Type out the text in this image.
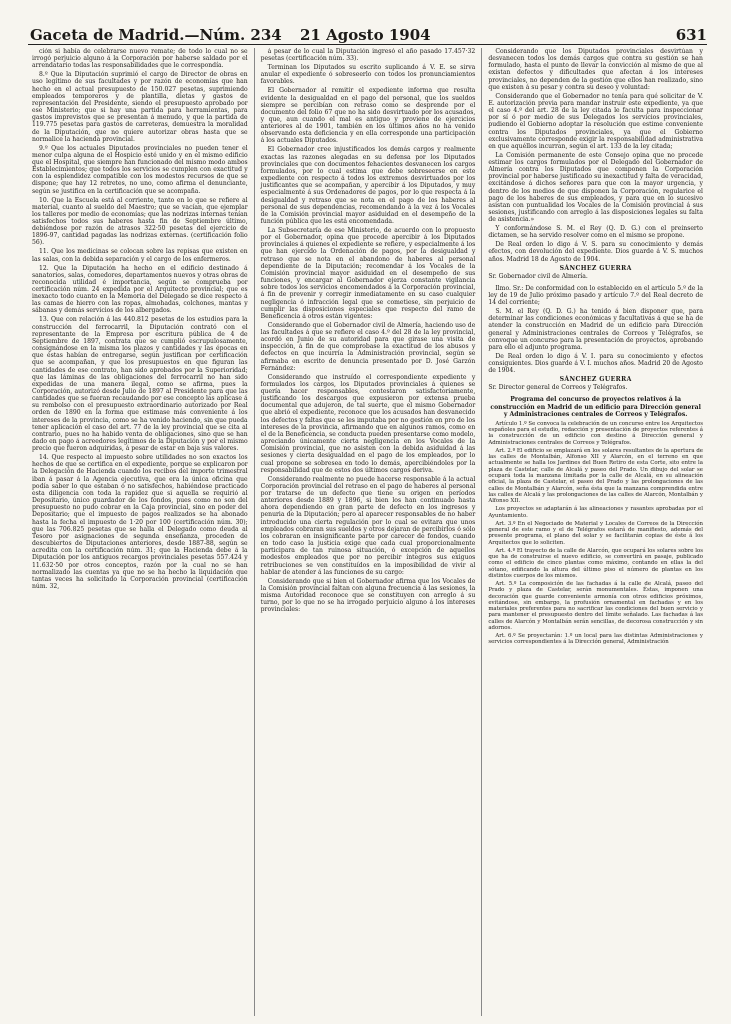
Gaceta de Madrid.—Núm. 234 21 Agosto 1904	631

ción si había de celebrarse nuevo remate; de todo lo cual no se irrogó perjuicio alguno á la Corporación por haberse saldado por el arrendatario todas las responsabilidades que le correspondía.

8.º Que la Diputación suprimió el cargo de Director de obras en uso legítimo de sus facultades y por razón de economías que han hecho en el actual presupuesto de 150.027 pesetas, suprimiendo empleados temporeros y de plantilla, dietas y gastos de representación del Presidente, siendo el presupuesto aprobado por ese Ministerio; que si hay una partida para herramientas, para gastos imprevistos que se presentan á menudo, y que la partida de 119.775 pesetas para gastos de carreteras, demuestra la moralidad de la Diputación, que no quiere autorizar obras hasta que se normalice la hacienda provincial.

9.º Que los actuales Diputados provinciales no pueden tener el menor culpa alguna de el Hospicio esté unido y en el mismo edificio que el Hospital, que siempre han funcionado del mismo modo ambos Establecimientos; que todos los servicios se cumplen con exactitud y con la esplendidez compatible con los modestos recursos de que se dispone; que hay 12 retretes, no uno, como afirma el denunciante, según se justifica en la certificación que se acompaña.

10. Que la Escuela está al corriente, tanto en lo que se refiere al material, cuanto al sueldo del Maestro; que se vacían, que ejemplar los talleres por medio de economías; que las nodrizas internas tenían satisfechos todos sus haberes hasta fin de Septiembre último, debiéndose por razón de atrasos 322·50 pesetas del ejercicio de 1896-97, cantidad pagadas las nodrizas externas. (certificación folio 56).

11. Que los medicinas se colocan sobre las repisas que existen en las salas, con la debida separación y el cargo de los enfermeros.

12. Que la Diputación ha hecho en el edificio destinado á sanatorios, salas, comedores, departamentos nuevos y otras obras de reconocida utilidad é importancia, según se comprueba por certificación núm. 24 expedida por el Arquitecto provincial; que es inexacto todo cuanto en la Memoria del Delegado se dice respecto á las camas de hierro con las ropas, almohadas, colchones, mantas y sábanas y demás servicios de los albergados.

13. Que con relación á las 440.812 pesetas de los estudios para la construcción del ferrocarril, la Diputación contrató con el representante de la Empresa por escritura pública de 4 de Septiembre de 1897, contrata que se cumplió escrupulosamente, consignándose en la misma los plazos y cantidades y las épocas en que éstas habían de entregarse, según justifican por certificación que se acompañan, y que los presupuestos en que figuran las cantidades de ese contrato, han sido aprobados por la Superioridad; que las láminas de las obligaciones del ferrocarril no han sido expedidas de una manera ilegal, como se afirma, pues la Corporación, autorizó desde Julio de 1897 al Presidente para que las cantidades que se fueran recaudando por ese concepto las aplicase á su rembolso con el presupuesto extraordinario autorizado por Real orden de 1890 en la forma que estimase más conveniente á los intereses de la provincia, como se ha venido haciendo, sin que pueda tener aplicación el caso del art. 77 de la ley provincial que se cita al contrario, pues no ha habido venta de obligaciones, sino que se han dado en pago á acreedores legítimos de la Diputación y por el mismo precio que fueron adquiridas, á pesar de estar en baja sus valores.

14. Que respecto al impuesto sobre utilidades no son exactos los hechos de que se certifica en el expediente, porque se explicaron por la Delegación de Hacienda cuando los recibos del importe trimestral iban á pasar á la Agencia ejecutiva, que era la única oficina que podía saber lo que estaban ó no satisfechos, habiéndose practicado esta diligencia con toda la rapidez que si aquella se requirió al Depositario, único guardador de los fondos, pues como no son del presupuesto no pudo cobrar en la Caja provincial, sino en poder del Depositario; que el impuesto de pagos realizados se ha abonado hasta la fecha el impuesto de 1·20 por 100 (certificación núm. 30); que las 706.825 pesetas que se halla el Delegado como deuda al Tesoro por asignaciones de segunda enseñanza, proceden de descubiertos de Diputaciones anteriores, desde 1887-88, según se acredita con la certificación núm. 31; que la Hacienda debe á la Diputación por los antiguos recargos provinciales pesetas 557.424 y 11.632·50 por otros conceptos, razón por la cual no se han normalizado las cuentas ya que no se ha hecho la liquidación que tantas veces ha solicitado la Corporación provincial (certificación núm. 32,

á pesar de lo cual la Diputación ingresó el año pasado 17.457·32 pesetas (certificación núm. 33).

Terminan los Diputados su escrito suplicando á V. E. se sirva anular el expediente ó sobreseerlo con todos los pronunciamientos favorables.

El Gobernador al remitir el expediente informa que resulta evidente la desigualdad en el pago del personal, que los sueldos siempre se percibían con retraso como se desprende por el documento del folio 67 que no ha sido desvirtuado por los acusados, y que, aun cuando el mal es antiguo y proviene de ejercicios anteriores al de 1901, también en los últimos años no ha venido observando esta deficiencia y en ella corresponde una participación á los actuales Diputados.

El Gobernador cree injustificados los demás cargos y realmente exactas las razones alegadas en su defensa por los Diputados provinciales que con documentos fehacientes desvanecen los cargos formulados, por lo cual estima que debe sobreseerse en este expediente con respecto á todos los extremos desvirtuados por los justificantes que se acompañan, y apercibir á los Diputados, y muy especialmente á sus Ordenadores de pagos, por lo que respecta á la desigualdad y retraso que se nota en el pago de los haberes al personal de sus dependencias, recomendando á la vez á los Vocales de la Comisión provincial mayor asiduidad en el desempeño de la función pública que les está encomendada.

La Subsecretaría de ese Ministerio, de acuerdo con lo propuesto por el Gobernador, opina que procede apercibir á los Diputados provinciales á quienes el expediente se refiere, y especialmente á los que han ejercido la Ordenación de pagos, por la desigualdad y retraso que se nota en el abandono de haberes al personal dependiente de la Diputación; recomendar á los Vocales de la Comisión provincial mayor asiduidad en el desempeño de sus funciones, y encargar al Gobernador ejerza constante vigilancia sobre todos los servicios encomendados á la Corporación provincial, á fin de prevenir y corregir inmediatamente en su caso cualquier negligencia ó infracción legal que se cometiese, sin perjuicio de cumplir las disposiciones especiales que respecto del ramo de Beneficencia á otros están vigentes:

Considerando que el Gobernador civil de Almería, haciendo uso de las facultades á que se refiere el caso 4.º del 28 de la ley provincial, acordó en Junio de su autoridad para que girase una visita de inspección, á fin de que comprobase la exactitud de los abusos y defectos en que incurría la Administración provincial, según se afirmaba en escrito de denuncia presentado por D. José Garzón Fernández:

Considerando que instruído el correspondiente expediente y formulados los cargos, los Diputados provinciales á quienes se quería hacer responsables, contestaron satisfactoriamente, justificando los descargos que expusieron por extensa prueba documental que adujeron, de tal suerte, que el mismo Gobernador que abrió el expediente, reconoce que los acusados han desvanecido los defectos y faltas que se les imputaba por no gestión en pro de los intereses de la provincia, afirmando que en algunos ramos, como en el de la Beneficencia, se conducta pueden presentarse como modelo, apreciando únicamente cierta negligencia en los Vocales de la Comisión provincial, que no asisten con la debida asiduidad á las sesiones y cierta desigualdad en el pago de los empleados, por lo cual propone se sobresea en todo lo demás, apercibiéndoles por la responsabilidad que de estos dos últimos cargos deriva.

Considerando realmente no puede hacerse responsable á la actual Corporación provincial del retraso en el pago de haberes al personal por tratarse de un defecto que tiene su origen en períodos anteriores desde 1889 y 1896, si bien los han continuado hasta ahora dependiendo en gran parte de defecto en los ingresos y penuria de la Diputación; pero al aparecer responsables de no haber introducido una cierta regulación por lo cual se evitara que unos empleados cobraran sus sueldos y otros dejaran de percibirlos ó sólo los cobraran en insignificante parte por carecer de fondos, cuando en todo caso la justicia exige que cada cual proporcionalmente participara de tan ruinosa situación, ó excepción de aquellos modestos empleados que por no percibir íntegros sus exiguos retribuciones se ven constituídos en la imposibilidad de vivir al hablar de atender á las funciones de su cargo:

Considerando que si bien el Gobernador afirma que los Vocales de la Comisión provincial faltan con alguna frecuencia á las sesiones, la misma Autoridad reconoce que se constituyen con arreglo á su turno, por lo que no se ha irrogado perjuicio alguno á los intereses provinciales:

Considerando que los Diputados provinciales desvirtúan y desvanecen todos los demás cargos que contra su gestión se han formulado, hasta el punto de llevar la convicción al mismo de que al existan defectos y dificultades que afectan á los intereses provinciales, no dependen de la gestión que ellos han realizado, sino que existen á su pesar y contra su deseo y voluntad:

Considerando que el Gobernador no tenía para qué solicitar de V. E. autorización previa para mandar instruir este expediente, ya que el caso 4.º del art. 28 de la ley citada le faculta para inspeccionar por sí ó por medio de sus Delegados los servicios provinciales, pudiendo el Gobierno adoptar la resolución que estime conveniente contra los Diputados provinciales, ya que el Gobierno exclusivamente corresponde exigir la responsabilidad administrativa en que aquéllos incurran, según el art. 133 de la ley citada;

La Comisión permanente de este Consejo opina que no procede estimar los cargos formulados por el Delegado del Gobernador de Almería contra los Diputados que componen la Corporación provincial por haberse justificado su inexactitud y falta de veracidad, excitándose á dichos señores para que con la mayor urgencia, y dentro de los medios de que disponen la Corporación, regularice el pago de los haberes de sus empleados, y para que en lo sucesivo asistan con puntualidad los Vocales de la Comisión provincial á sus sesiones, justificando con arreglo á las disposiciones legales su falta de asistencia.»

Y conformándose S. M. el Rey (Q. D. G.) con el preinserto dictamen, se ha servido resolver como en el mismo se propone.

De Real orden lo digo á V. S. para su conocimiento y demás efectos, con devolución del expediente. Dios guarde á V. S. muchos años. Madrid 18 de Agosto de 1904.

SÁNCHEZ GUERRA

Sr. Gobernador civil de Almería.

Ilmo. Sr.: De conformidad con lo establecido en el artículo 5.º de la ley de 19 de Julio próximo pasado y artículo 7.º del Real decreto de 14 del corriente;

S. M. el Rey (Q. D. G.) ha tenido á bien disponer que, para determinar las condiciones económicas y facultativas á que se ha de atender la construcción en Madrid de un edificio para Dirección general y Administraciones centrales de Correos y Telégrafos, se convoque un concurso para la presentación de proyectos, aprobando para ello el adjunto programa.

De Real orden lo digo á V. I. para su conocimiento y efectos consiguientes. Dios guarde á V. I. muchos años. Madrid 20 de Agosto de 1904.

SÁNCHEZ GUERRA

Sr. Director general de Correos y Telégrafos.

Programa del concurso de proyectos relativos á la construcción en Madrid de un edificio para Dirección general y Administraciones centrales de Correos y Telégrafos.

Artículo 1.º Se convoca la celebración de un concurso entre los Arquitectos españoles para el estudio, redacción y presentación de proyectos referentes á la construcción de un edificio con destino á Dirección general y Administraciones centrales de Correos y Telégrafos.

Art. 2.º El edificio se emplazará en los solares resultantes de la apertura de las calles de Montalbán, Alfonso XII y Alarcón, en el terreno en que actualmente se halla los Jardines del Buen Retiro de esta Corte, sito entre la plaza de Castelar, calle de Alcalá y paseo del Prado. Un dibujo del solar se ocupará toda la manzana limitada por la calle de Alcalá, en su alineación oficial, la plaza de Castelar, el paseo del Prado y las prolongaciones de las calles de Montalbán y Alarcón, seña ésta que la manzana comprendida entre las calles de Alcalá y las prolongaciones de las calles de Alarcón, Montalbán y Alfonso XII.

Los proyectos se adaptarán á las alineaciones y rasantes aprobadas por el Ayuntamiento.

Art. 3.º En el Negociado de Material y Locales de Correos de la Dirección general de este ramo y el de Telégrafos estará de manifiesto, además del presente programa, el plano del solar y se facilitarán copias de éste á los Arquitectos que lo soliciten.

Art. 4.º El trayecto de la calle de Alarcón, que ocupará los solares sobre los que ha de construirse el nuevo edificio, se convertirá en pasaje, publicado como el edificio de cinco plantas como máximo, contando en ellas la del sótano, edificando la altura del último piso el número de plantas en los distintos cuerpos de los mismos.

Art. 5.º La composición de las fachadas á la calle de Alcalá, paseo del Prado y plaza de Castelar, serán monumentales. Éstas, imponen una decoración que guarde conveniente armonía con otros edificios próximos, evitándose, sin embargo, la profusión ornamental en fachadas y en los materiales preferentes para no sacrificar las condiciones del buen servicio y para mantener el presupuesto dentro del límite señalado. Las fachadas á las calles de Alarcón y Montalbán serán sencillas, de decorosa construcción y sin adornos.

Art. 6.º Se proyectarán: 1.º un local para las distintas Administraciones y servicios correspondientes á la Dirección general, Administración
